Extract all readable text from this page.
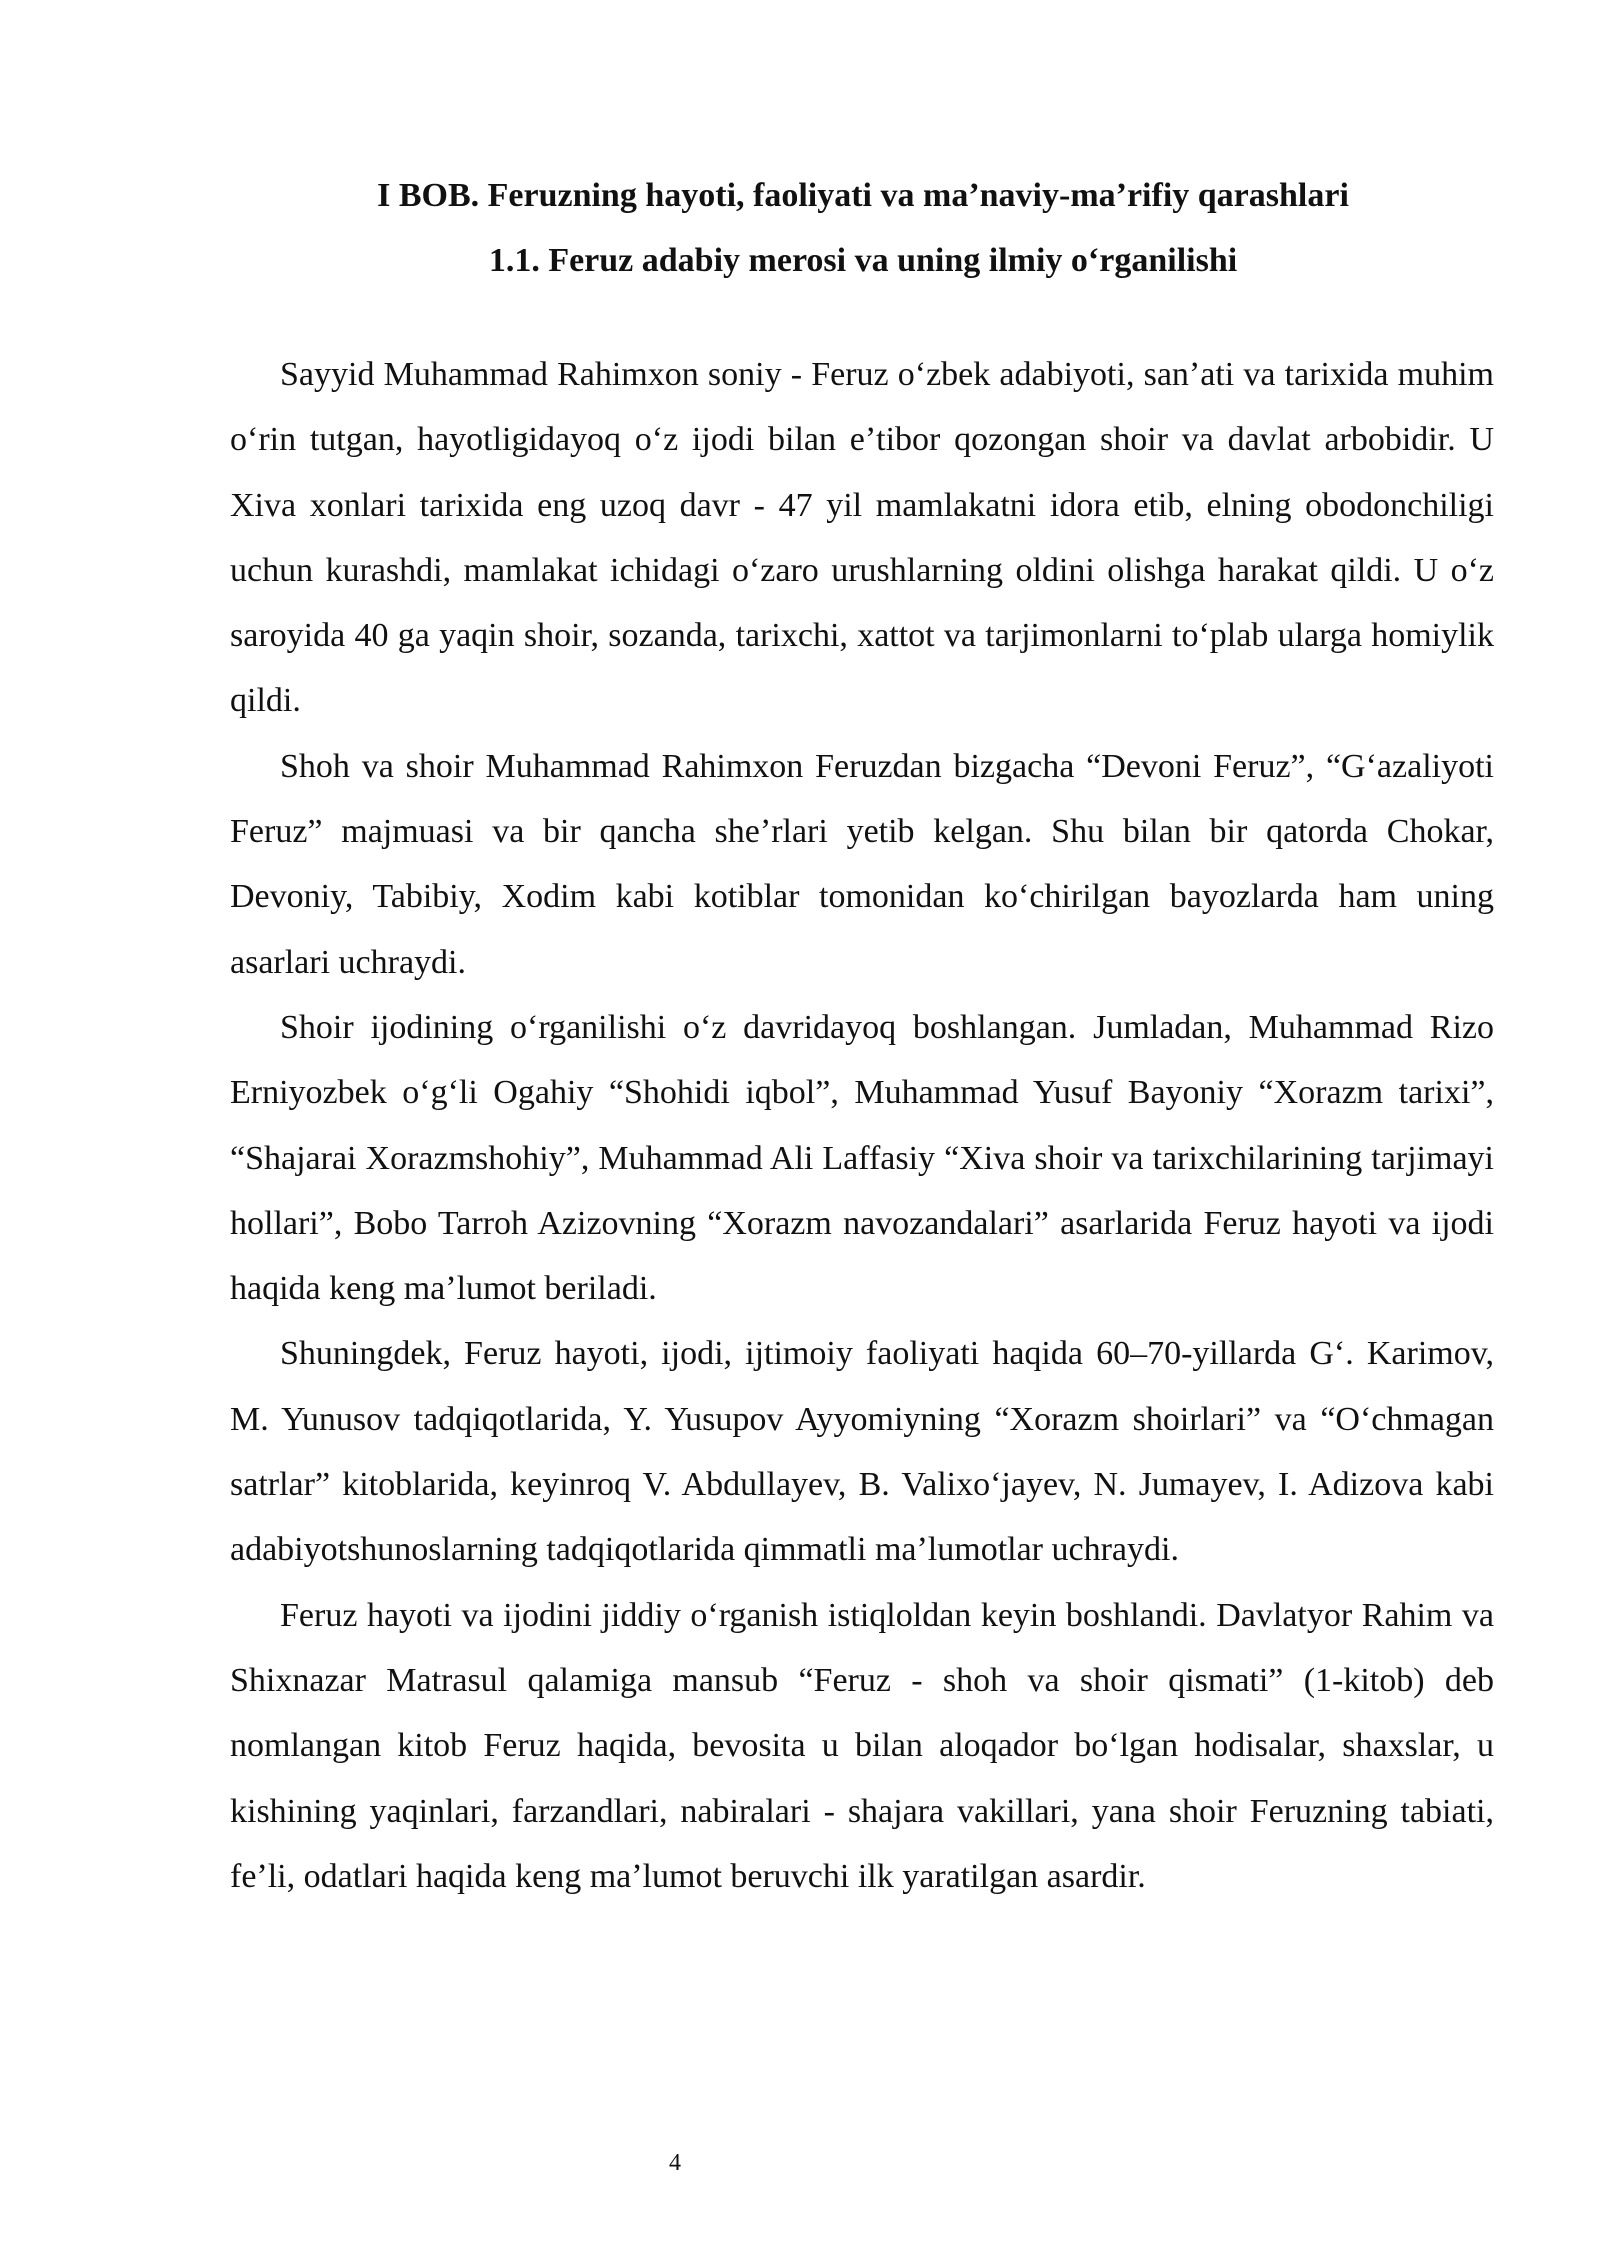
I BOB. Feruzning hayoti, faoliyati va maʼnaviy-maʼrifiy qarashlari
1.1. Feruz adabiy merosi va uning ilmiy oʻrganilishi

Sayyid Muhammad Rahimxon soniy - Feruz oʻzbek adabiyoti, sanʼati va tarixida muhim oʻrin tutgan, hayotligidayoq oʻz ijodi bilan eʼtibor qozongan shoir va davlat arbobidir. U Xiva xonlari tarixida eng uzoq davr - 47 yil mamlakatni idora etib, elning obodonchiligi uchun kurashdi, mamlakat ichidagi oʻzaro urushlarning oldini olishga harakat qildi. U oʻz saroyida 40 ga yaqin shoir, sozanda, tarixchi, xattot va tarjimonlarni toʻplab ularga homiylik qildi.

Shoh va shoir Muhammad Rahimxon Feruzdan bizgacha “Devoni Feruz”, “Gʻazaliyoti Feruz” majmuasi va bir qancha sheʼrlari yetib kelgan. Shu bilan bir qatorda Chokar, Devoniy, Tabibiy, Xodim kabi kotiblar tomonidan koʻchirilgan bayozlarda ham uning asarlari uchraydi.

Shoir ijodining oʻrganilishi oʻz davridayoq boshlangan. Jumladan, Muhammad Rizo Erniyozbek oʻgʻli Ogahiy “Shohidi iqbol”, Muhammad Yusuf Bayoniy “Xorazm tarixi”, “Shajarai Xorazmshohiy”, Muhammad Ali Laffasiy “Xiva shoir va tarixchilarining tarjimayi hollari”, Bobo Tarroh Azizovning “Xorazm navozandalari” asarlarida Feruz hayoti va ijodi haqida keng maʼlumot beriladi.

Shuningdek, Feruz hayoti, ijodi, ijtimoiy faoliyati haqida 60–70-yillarda Gʻ. Karimov, M. Yunusov tadqiqotlarida, Y. Yusupov Ayyomiyning “Xorazm shoirlari” va “Oʻchmagan satrlar” kitoblarida, keyinroq V. Abdullayev, B. Valixoʻjayev, N. Jumayev, I. Adizova kabi adabiyotshunoslarning tadqiqotlarida qimmatli maʼlumotlar uchraydi.

Feruz hayoti va ijodini jiddiy oʻrganish istiqloldan keyin boshlandi. Davlatyor Rahim va Shixnazar Matrasul qalamiga mansub “Feruz - shoh va shoir qismati” (1-kitob) deb nomlangan kitob Feruz haqida, bevosita u bilan aloqador boʻlgan hodisalar, shaxslar, u kishining yaqinlari, farzandlari, nabiralari - shajara vakillari, yana shoir Feruzning tabiati, feʼli, odatlari haqida keng maʼlumot beruvchi ilk yaratilgan asardir.

4
